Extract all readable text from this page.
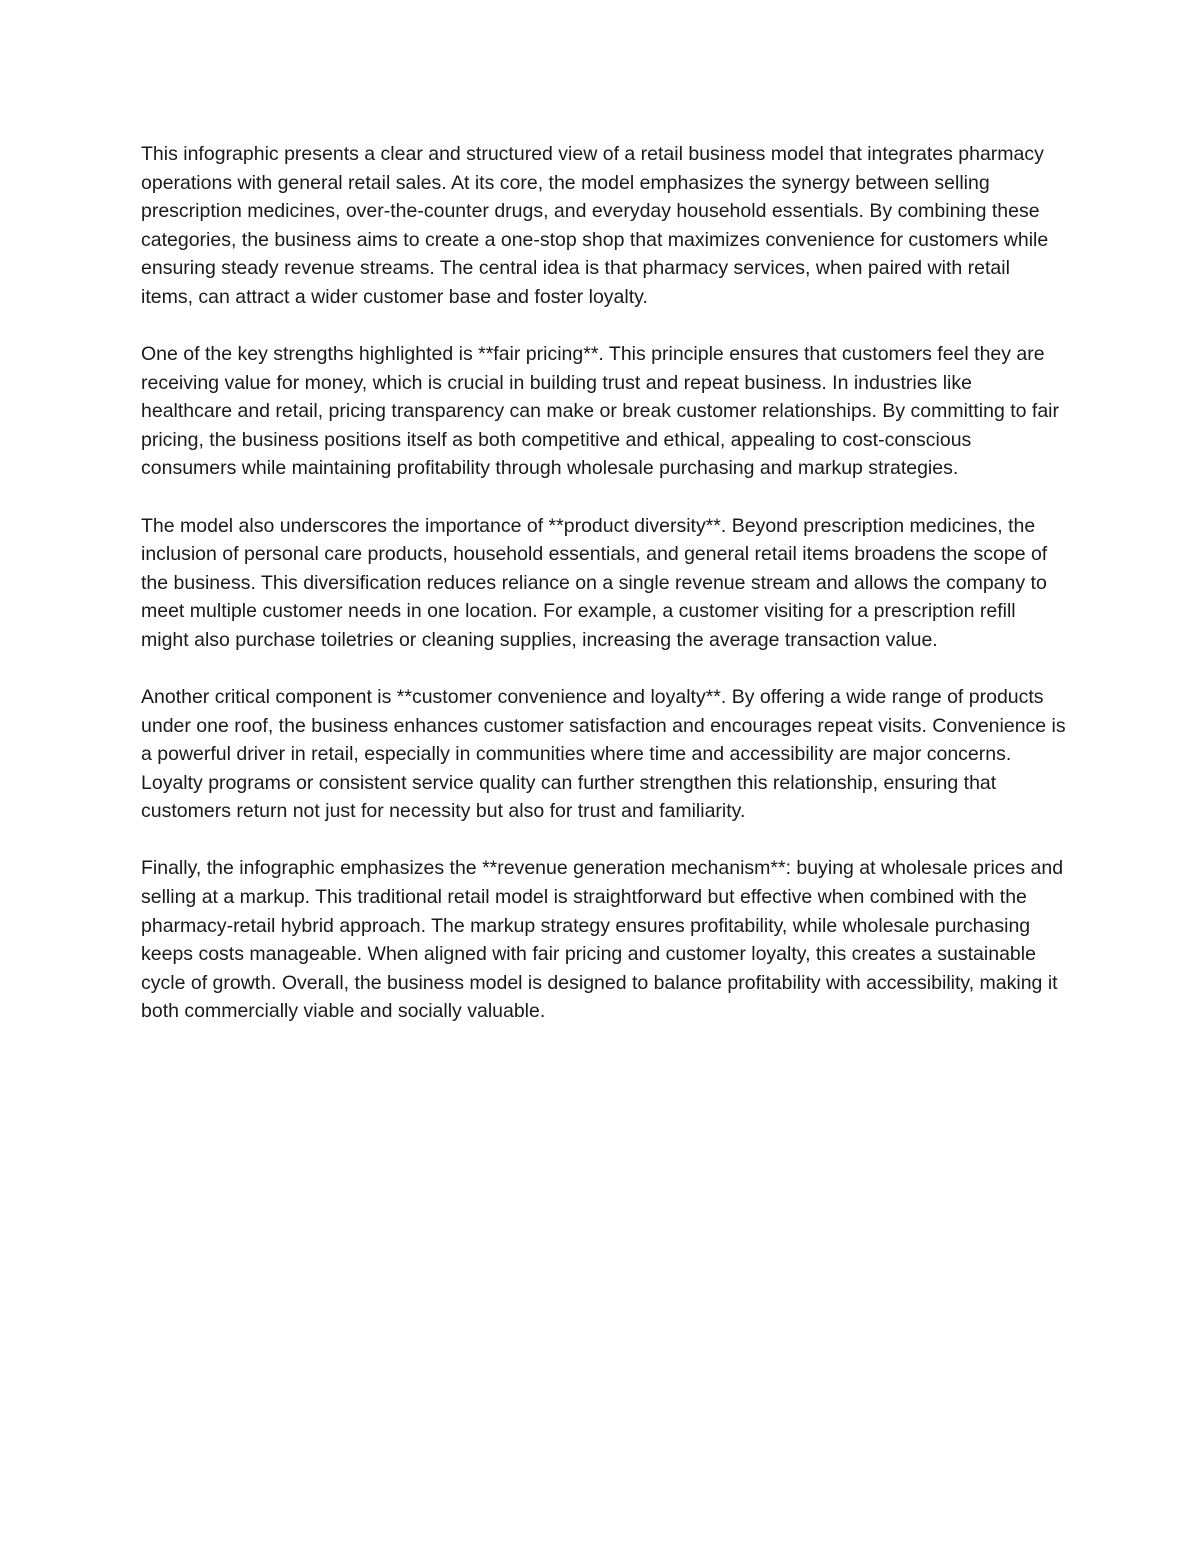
This infographic presents a clear and structured view of a retail business model that integrates pharmacy operations with general retail sales. At its core, the model emphasizes the synergy between selling prescription medicines, over-the-counter drugs, and everyday household essentials. By combining these categories, the business aims to create a one-stop shop that maximizes convenience for customers while ensuring steady revenue streams. The central idea is that pharmacy services, when paired with retail items, can attract a wider customer base and foster loyalty.

One of the key strengths highlighted is **fair pricing**. This principle ensures that customers feel they are receiving value for money, which is crucial in building trust and repeat business. In industries like healthcare and retail, pricing transparency can make or break customer relationships. By committing to fair pricing, the business positions itself as both competitive and ethical, appealing to cost-conscious consumers while maintaining profitability through wholesale purchasing and markup strategies.

The model also underscores the importance of **product diversity**. Beyond prescription medicines, the inclusion of personal care products, household essentials, and general retail items broadens the scope of the business. This diversification reduces reliance on a single revenue stream and allows the company to meet multiple customer needs in one location. For example, a customer visiting for a prescription refill might also purchase toiletries or cleaning supplies, increasing the average transaction value.

Another critical component is **customer convenience and loyalty**. By offering a wide range of products under one roof, the business enhances customer satisfaction and encourages repeat visits. Convenience is a powerful driver in retail, especially in communities where time and accessibility are major concerns. Loyalty programs or consistent service quality can further strengthen this relationship, ensuring that customers return not just for necessity but also for trust and familiarity.

Finally, the infographic emphasizes the **revenue generation mechanism**: buying at wholesale prices and selling at a markup. This traditional retail model is straightforward but effective when combined with the pharmacy-retail hybrid approach. The markup strategy ensures profitability, while wholesale purchasing keeps costs manageable. When aligned with fair pricing and customer loyalty, this creates a sustainable cycle of growth. Overall, the business model is designed to balance profitability with accessibility, making it both commercially viable and socially valuable.
